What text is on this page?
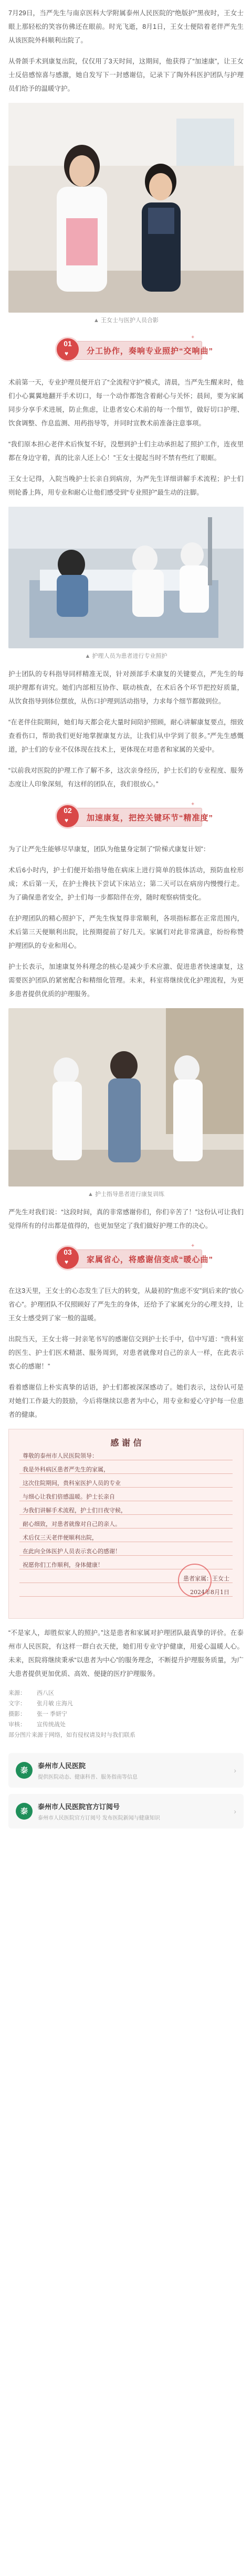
7月29日，当严先生与南京医科大学附属泰州人民医院的“绝版护”黑夜时，王女士眼上那轻松的笑容仿佛还在眼前。时光飞逝，8月1日，王女士便陪着老伴严先生从该医院外科顺利出院了。

从骨颌手术到康复出院，仅仅用了3天时间，这期间，他获得了“加速康”，让王女士反倍感惊喜与感激，她自发写下一封感谢信，记录下了陶外科医护团队与护理员们给予的温暖守护。

▲ 王女士与医护人员合影

01
♥ 分工协作，奏响专业照护“交响曲”
✦

术前第一天，专业护理员便开启了“全流程守护”模式，清晨，当严先生醒来时，他们小心翼翼地翻开手术切口，每一个动作都饱含着耐心与关怀；晨间，要为家属同步分享手术进展，防止焦虑，让患者安心术前的每一个细节，做好切口护理、饮食调整、作息监测、用药指导等，并同时宣教术前准备注意事项。

“我们原本担心老伴术后恢复不好，没想到护士们主动承担起了照护工作，连夜里都在身边守着，真的比亲人还上心！”王女士提起当时不禁有些红了眼眶。

王女士记得，入院当晚护士长亲自到病房，为严先生详细讲解手术流程；护士们则轮番上阵，用专业和耐心让他们感受到“专业照护”最生动的注脚。

▲ 护理人员为患者进行专业照护

护士团队的专科指导同样精准无误，针对颈部手术康复的关键要点，严先生的每项护理都有讲究。她们内部相互协作、联动核查，在术后各个环节把控好质量，从饮食指导到体位摆放，从伤口护理到活动指导，力求每个细节都做到位。

“在老伴住院期间，她们每天都会花大量时间陪护照顾，耐心讲解康复要点，细致查看伤口，帮助我们更好地掌握康复方法，让我们从中学到了很多。”严先生感慨道，护士们的专业不仅体现在技术上，更体现在对患者和家属的关爱中。

“以前我对医院的护理工作了解不多，这次亲身经历，护士长们的专业程度、服务态度让人印象深刻，有这样的团队在，我们很放心。”

02
♥ 加速康复，把控关键环节“精准度”
✦

为了让严先生能够尽早康复，团队为他量身定制了“阶梯式康复计划”：

术后6小时内，护士们便开始指导他在病床上进行简单的肢体活动，预防血栓形成；术后第一天，在护士搀扶下尝试下床站立；第二天可以在病房内慢慢行走。为了确保患者安全，护士们每一步都陪伴在旁，随时观察病情变化。

在护理团队的精心照护下，严先生恢复得非常顺利，各项指标都在正常范围内，术后第三天便顺利出院，比预期提前了好几天。家属们对此非常满意，纷纷称赞护理团队的专业和用心。

护士长表示，加速康复外科理念的核心是减少手术应激、促进患者快速康复，这需要医护团队的紧密配合和精细化管理。未来，科室将继续优化护理流程，为更多患者提供优质的护理服务。

▲ 护士指导患者进行康复训练

严先生对我们说：“这段时间，真的非常感谢你们，你们辛苦了！”这份认可让我们觉得所有的付出都是值得的，也更加坚定了我们做好护理工作的决心。

03
♥ 家属省心，将感谢信变成“暖心曲”
✦

在这3天里，王女士的心态发生了巨大的转变，从最初的“焦虑不安”到后来的“放心省心”。护理团队不仅照顾好了严先生的身体，还给予了家属充分的心理支持，让王女士感受到了家一般的温暖。

出院当天，王女士将一封亲笔书写的感谢信交到护士长手中，信中写道：“贵科室的医生、护士们医术精湛、服务周到，对患者就像对自己的亲人一样，在此表示衷心的感谢！”

看着感谢信上朴实真挚的话语，护士们都被深深感动了。她们表示，这份认可是对她们工作最大的鼓励，今后将继续以患者为中心，用专业和爱心守护每一位患者的健康。

感 谢 信
尊敬的泰州市人民医院领导：
我是外科病区患者严先生的家属，
这次住院期间，贵科室医护人员的专业
与细心让我们倍感温暖。护士长亲自
为我们讲解手术流程，护士们日夜守候，
耐心细致，对患者就像对自己的亲人。
术后仅三天老伴便顺利出院，
在此向全体医护人员表示衷心的感谢！
祝愿你们工作顺利，身体健康！
患者家属：王女士
2024年8月1日

“不是家人，却胜似家人的照护。”这是患者和家属对护理团队最真挚的评价。在泰州市人民医院，有这样一群白衣天使，她们用专业守护健康，用爱心温暖人心。未来，医院将继续秉承“以患者为中心”的服务理念，不断提升护理服务质量，为广大患者提供更加优质、高效、便捷的医疗护理服务。

来源： 西八区
文字： 张月敏 庄海凡
摄影： 张一 季妍宁
审核： 宣传统战处
部分图片来源于网络，如有侵权请及时与我们联系
泰
泰州市人民医院
提供医院动态、健康科普、服务指南等信息
›
泰
泰州市人民医院官方订阅号
泰州市人民医院官方订阅号 发布医院新闻与健康知识
›
